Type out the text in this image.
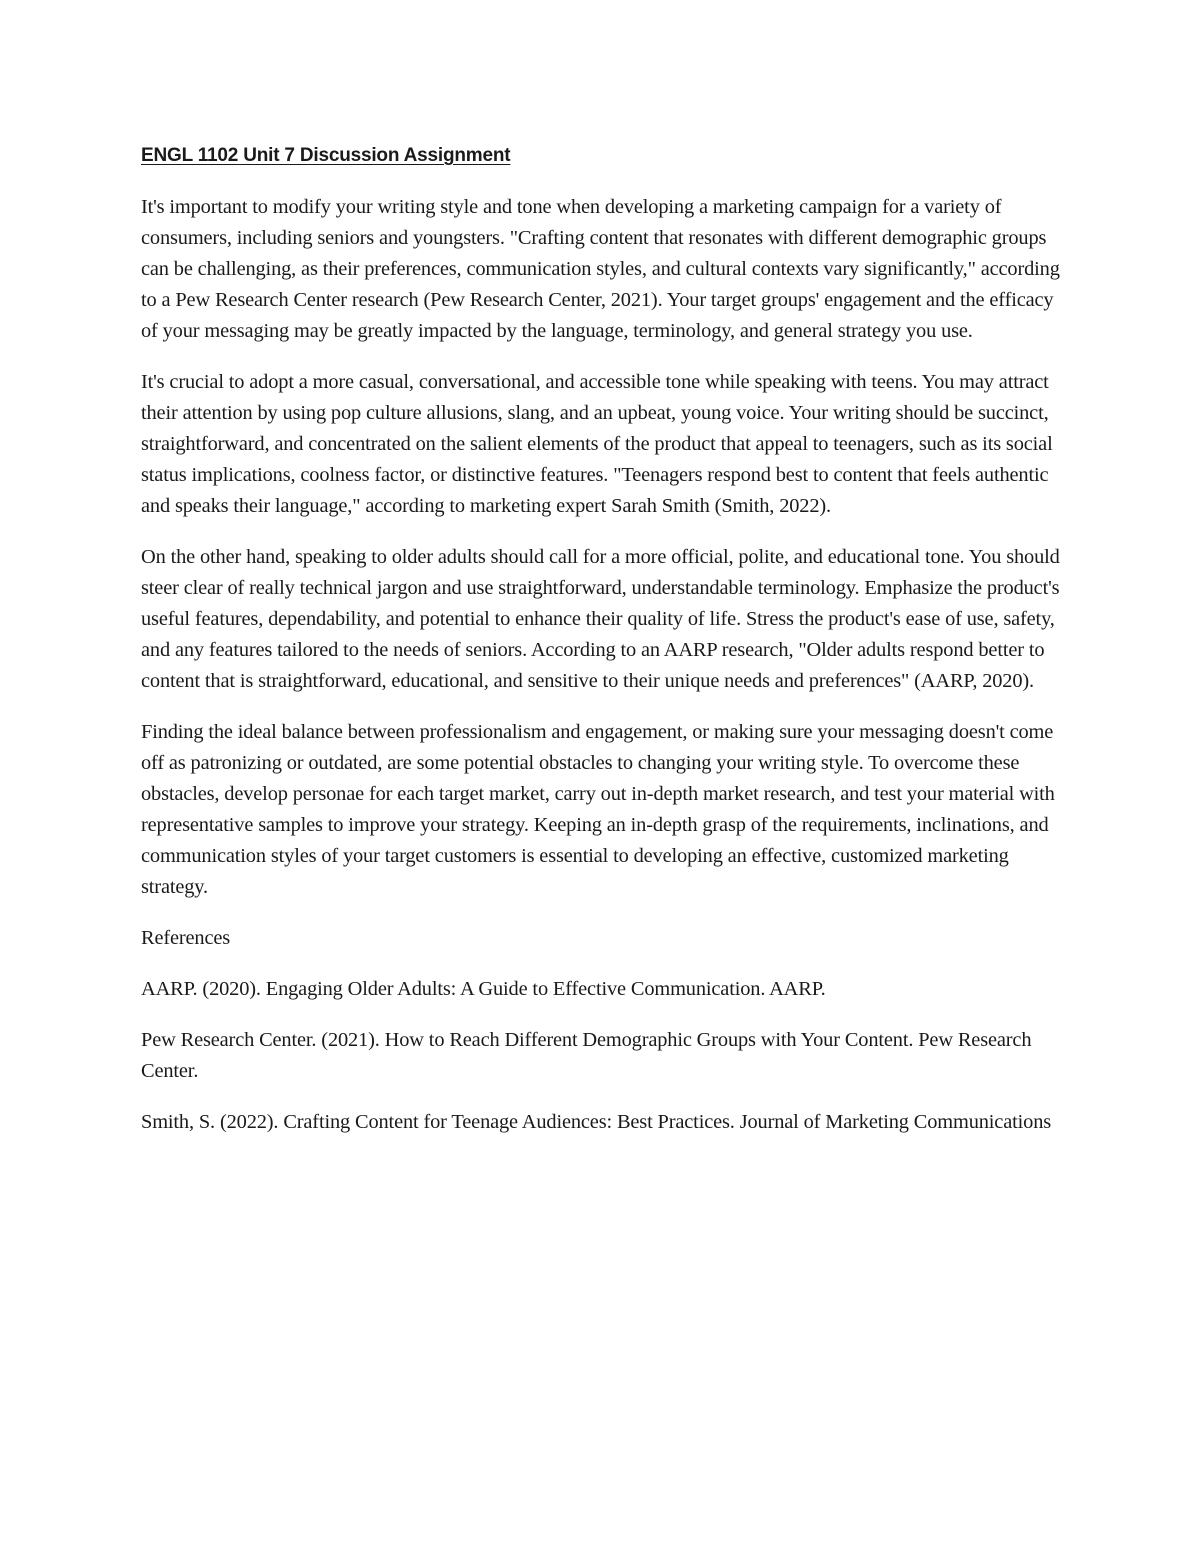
ENGL 1102 Unit 7 Discussion Assignment

It's important to modify your writing style and tone when developing a marketing campaign for a variety of consumers, including seniors and youngsters. "Crafting content that resonates with different demographic groups can be challenging, as their preferences, communication styles, and cultural contexts vary significantly," according to a Pew Research Center research (Pew Research Center, 2021). Your target groups' engagement and the efficacy of your messaging may be greatly impacted by the language, terminology, and general strategy you use.

It's crucial to adopt a more casual, conversational, and accessible tone while speaking with teens. You may attract their attention by using pop culture allusions, slang, and an upbeat, young voice. Your writing should be succinct, straightforward, and concentrated on the salient elements of the product that appeal to teenagers, such as its social status implications, coolness factor, or distinctive features. "Teenagers respond best to content that feels authentic and speaks their language," according to marketing expert Sarah Smith (Smith, 2022).

On the other hand, speaking to older adults should call for a more official, polite, and educational tone. You should steer clear of really technical jargon and use straightforward, understandable terminology. Emphasize the product's useful features, dependability, and potential to enhance their quality of life. Stress the product's ease of use, safety, and any features tailored to the needs of seniors. According to an AARP research, "Older adults respond better to content that is straightforward, educational, and sensitive to their unique needs and preferences" (AARP, 2020).

Finding the ideal balance between professionalism and engagement, or making sure your messaging doesn't come off as patronizing or outdated, are some potential obstacles to changing your writing style. To overcome these obstacles, develop personae for each target market, carry out in-depth market research, and test your material with representative samples to improve your strategy. Keeping an in-depth grasp of the requirements, inclinations, and communication styles of your target customers is essential to developing an effective, customized marketing strategy.

References

AARP. (2020). Engaging Older Adults: A Guide to Effective Communication. AARP.

Pew Research Center. (2021). How to Reach Different Demographic Groups with Your Content. Pew Research Center.

Smith, S. (2022). Crafting Content for Teenage Audiences: Best Practices. Journal of Marketing Communications
